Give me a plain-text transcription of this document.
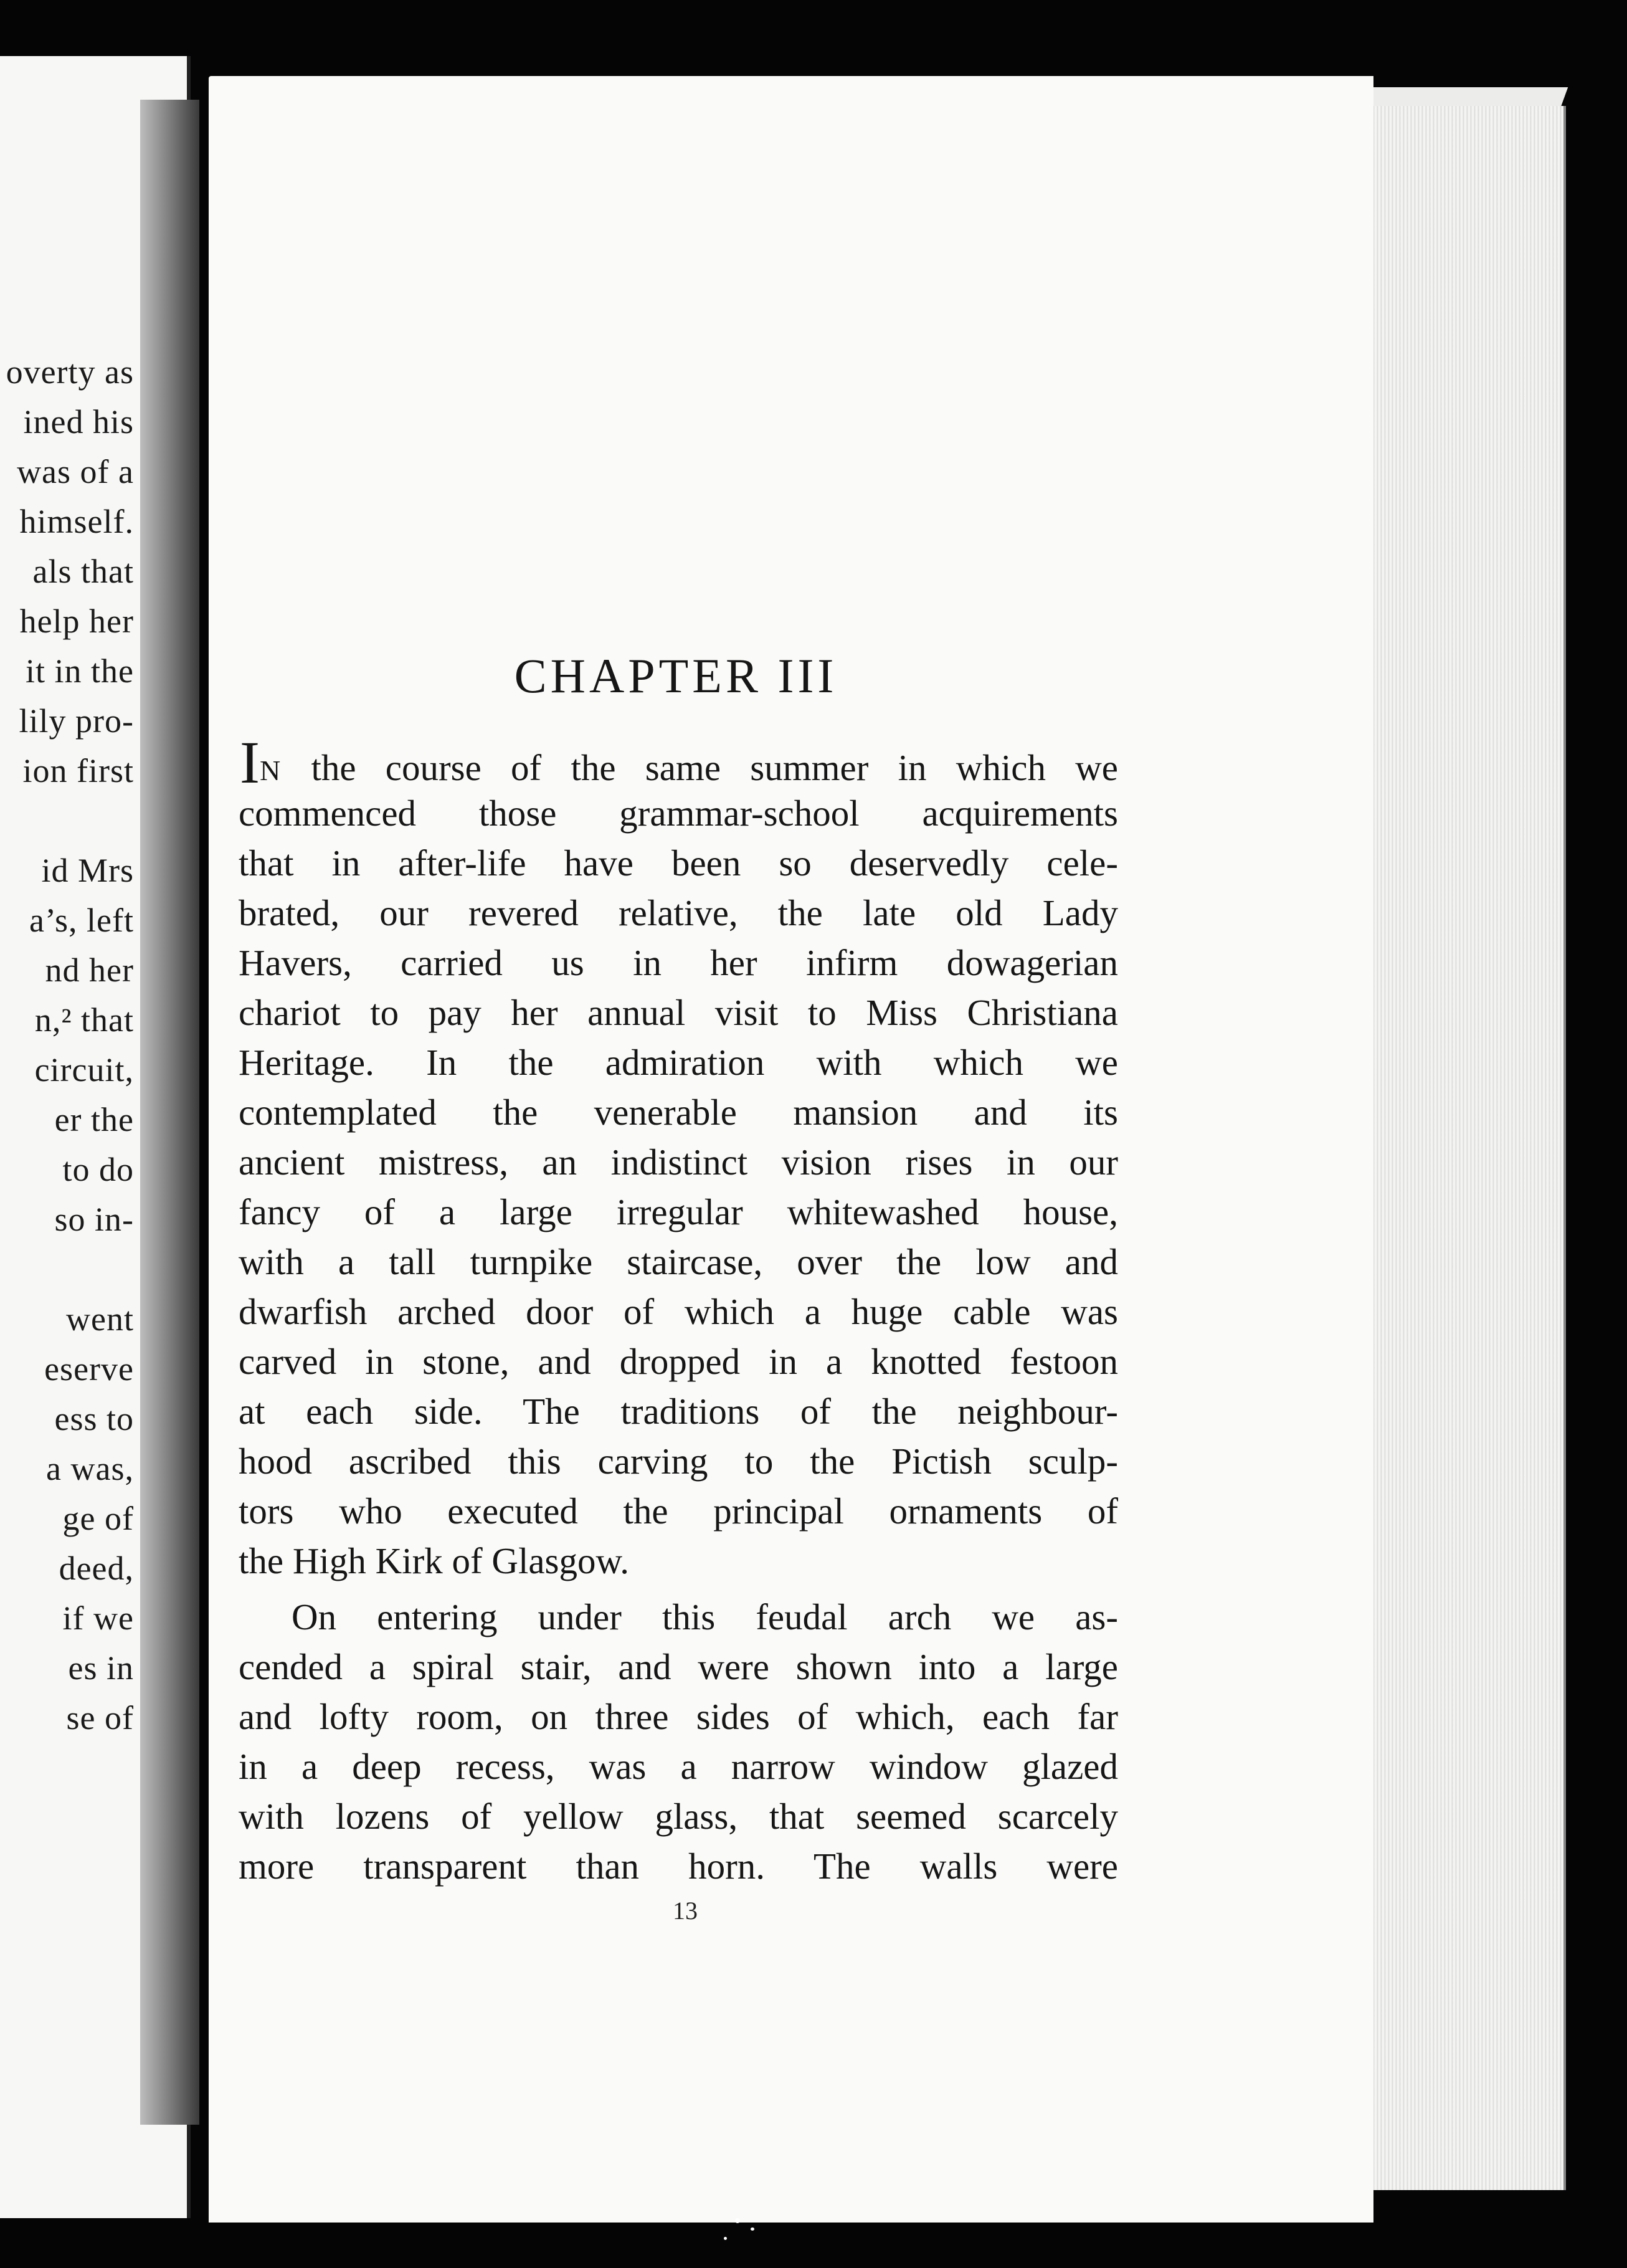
overty as
ined his
was of a
himself.
als that
help her
it in the
lily pro-
ion first
id Mrs
a’s, left
nd her
n,² that
circuit,
er the
to do
so in-
went
eserve
ess to
a was,
ge of
deed,
if we
es in
se of
CHAPTER III
IN the course of the same summer in which we
commenced those grammar-school acquirements
that in after-life have been so deservedly cele-
brated, our revered relative, the late old Lady
Havers, carried us in her infirm dowagerian
chariot to pay her annual visit to Miss Christiana
Heritage. In the admiration with which we
contemplated the venerable mansion and its
ancient mistress, an indistinct vision rises in our
fancy of a large irregular whitewashed house,
with a tall turnpike staircase, over the low and
dwarfish arched door of which a huge cable was
carved in stone, and dropped in a knotted festoon
at each side. The traditions of the neighbour-
hood ascribed this carving to the Pictish sculp-
tors who executed the principal ornaments of
the High Kirk of Glasgow.
On entering under this feudal arch we as-
cended a spiral stair, and were shown into a large
and lofty room, on three sides of which, each far
in a deep recess, was a narrow window glazed
with lozens of yellow glass, that seemed scarcely
more transparent than horn. The walls were
13
